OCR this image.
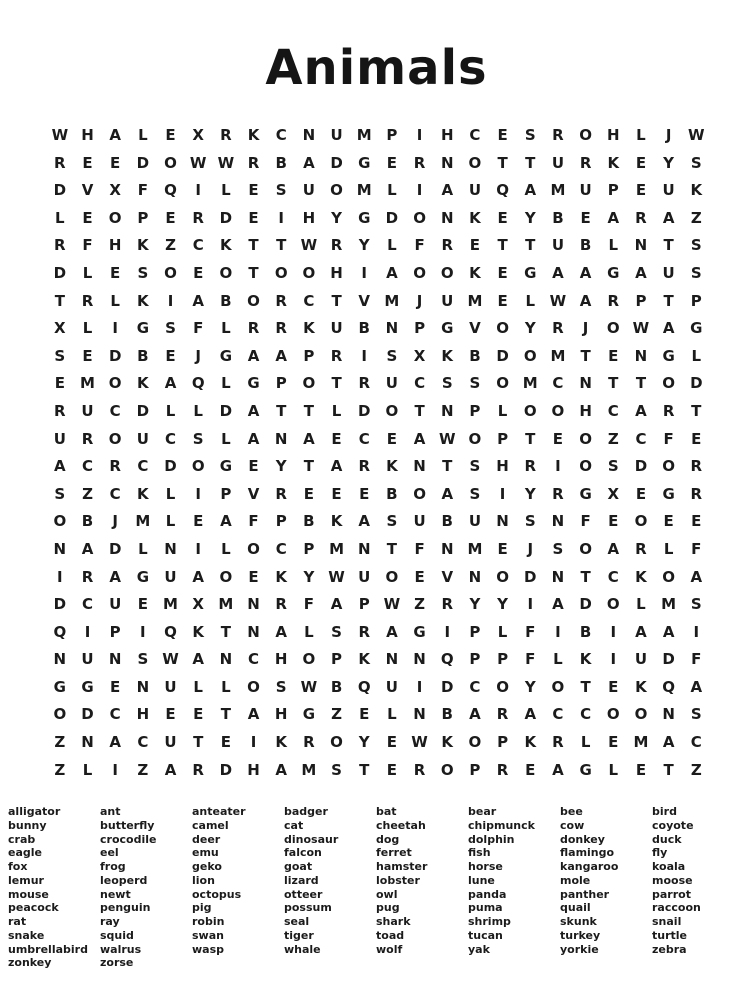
Animals
W H	A	L	E	X	R	K	C	N	U M P	I	H	C	E	S	R	O	H	L	J	W
R	E	E	D	O W W R	B	A	D	G	E	R	N	O	T	T	U	R	K	E	Y	S
D	V	X	F	Q	I	L	E	S	U	O M	L	I	A	U	Q	A M U	P	E	U	K
L	E	O	P	E	R	D	E	I	H	Y	G	D	O	N	K	E	Y	B	E	A	R	A	Z
R	F	H	K	Z	C	K	T	T W R	Y	L	F	R	E	T	T	U	B	L	N	T	S
D	L	E	S	O	E	O	T	O O	H	I	A	O O	K	E	G	A	A	G	A	U	S
T	R	L	K	I	A	B	O	R	C	T	V M	J	U M	E	L W A	R	P	T	P
X	L	I	G	S	F	L	R	R	K	U	B	N	P	G	V	O	Y	R	J	O W A	G
S	E	D	B	E	J	G	A	A	P	R	I	S	X	K	B	D	O M	T	E	N	G	L
E	M O	K	A	Q	L	G	P	O	T	R	U	C	S	S	O M C	N	T	T	O	D
R	U	C	D	L	L	D	A	T	T	L	D	O	T	N	P	L	O O	H	C	A	R	T
U	R	O	U	C	S	L	A	N	A	E	C	E	A W O	P	T	E	O	Z	C	F	E
A	C	R	C	D	O	G	E	Y	T	A	R	K	N	T	S	H	R	I	O	S	D	O	R
S	Z	C	K	L	I	P	V	R	E	E	E	B	O	A	S	I	Y	R	G	X	E	G	R
O	B	J	M	L	E	A	F	P	B	K	A	S	U	B	U	N	S	N	F	E	O	E	E
N	A	D	L	N	I	L	O	C	P M N	T	F	N M	E	J	S	O	A	R	L	F
I	R	A	G	U	A	O	E	K	Y W U	O	E	V	N	O	D	N	T	C	K	O	A
D	C	U	E	M X M N	R	F	A	P W Z	R	Y	Y	I	A	D	O	L	M S
Q	I	P	I	Q	K	T	N	A	L	S	R	A	G	I	P	L	F	I	B	I	A	A	I
N	U	N	S W A	N	C	H	O	P	K	N	N	Q	P	P	F	L	K	I	U	D	F
G	G	E	N	U	L	L	O	S W B	Q	U	I	D	C	O	Y	O	T	E	K	Q	A
O	D	C	H	E	E	T	A	H	G	Z	E	L	N	B	A	R	A	C	C	O O	N	S
Z	N	A	C	U	T	E	I	K	R	O	Y	E W K	O	P	K	R	L	E	M A	C
Z	L	I	Z	A	R	D	H	A M S	T	E	R	O	P	R	E	A	G	L	E	T	Z
alligator
bunny
crab
eagle
fox
lemur
mouse
peacock
rat
snake
umbrellabird
zonkey
ant
butterfly
crocodile
eel
frog
leoperd
newt
penguin
ray
squid
walrus
zorse
anteater
camel
deer
emu
geko
lion
octopus
pig
robin
swan
wasp
badger
cat
dinosaur
falcon
goat
lizard
otteer
possum
seal
tiger
whale
bat
cheetah
dog
ferret
hamster
lobster
owl
pug
shark
toad
wolf
bear
chipmunck
dolphin
fish
horse
lune
panda
puma
shrimp
tucan
yak
bee
cow
donkey
flamingo
kangaroo
mole
panther
quail
skunk
turkey
yorkie
bird
coyote
duck
fly
koala
moose
parrot
raccoon
snail
turtle
zebra
